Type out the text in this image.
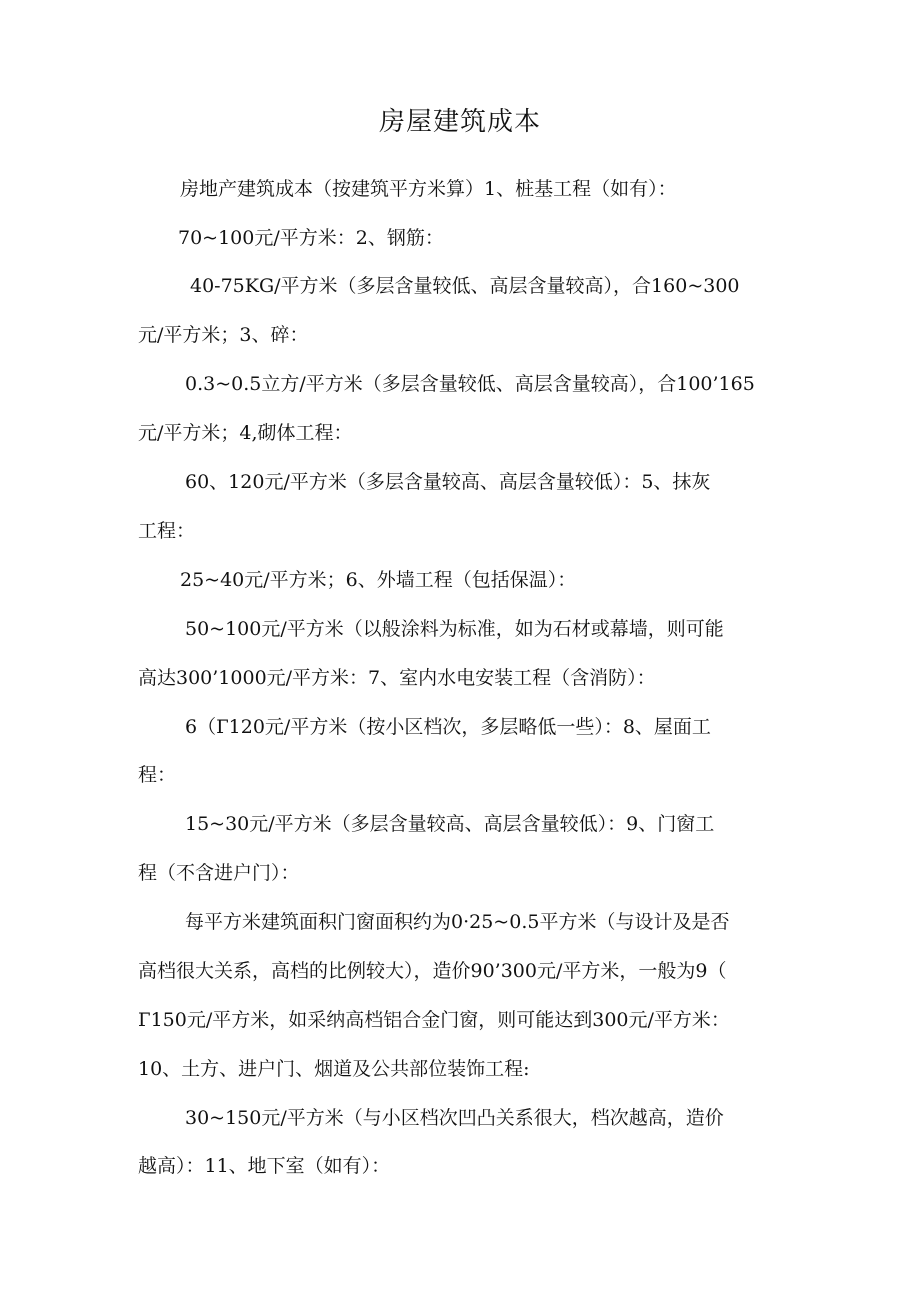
房屋建筑成本
房地产建筑成本（按建筑平方米算）1、桩基工程（如有）：
70~100元/平方米：2、钢筋：
40-75KG/平方米（多层含量较低、高层含量较高），合160~300
元/平方米；3、碎：
0.3~0.5立方/平方米（多层含量较低、高层含量较高），合100’165
元/平方米；4,砌体工程：
60、120元/平方米（多层含量较高、高层含量较低）：5、抹灰
工程：
25~40元/平方米；6、外墙工程（包括保温）：
50~100元/平方米（以般涂料为标准，如为石材或幕墙，则可能
高达300’1000元/平方米：7、室内水电安装工程（含消防）：
6（Г120元/平方米（按小区档次，多层略低一些）：8、屋面工
程：
15~30元/平方米（多层含量较高、高层含量较低）：9、门窗工
程（不含进户门）：
每平方米建筑面积门窗面积约为0·25~0.5平方米（与设计及是否
高档很大关系，高档的比例较大），造价90’300元/平方米，一般为9（
Г150元/平方米，如采纳高档铝合金门窗，则可能达到300元/平方米：
10、土方、进户门、烟道及公共部位装饰工程:
30~150元/平方米（与小区档次凹凸关系很大，档次越高，造价
越高）：11、地下室（如有）：
